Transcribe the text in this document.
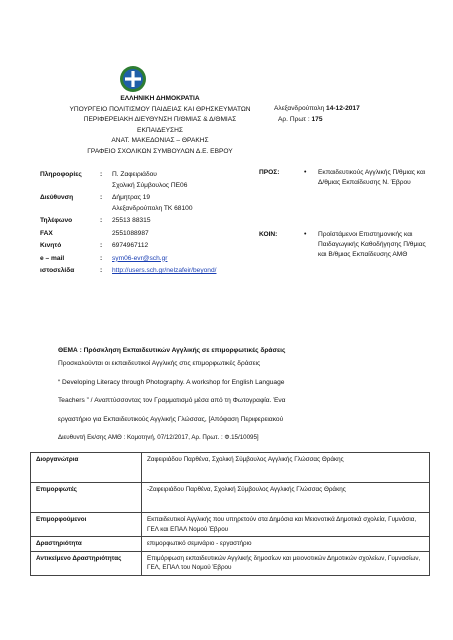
ΕΛΛΗΝΙΚΗ ΔΗΜΟΚΡΑΤΙΑ
ΥΠΟΥΡΓΕΙΟ ΠΟΛΙΤΙΣΜΟΥ ΠΑΙΔΕΙΑΣ ΚΑΙ ΘΡΗΣΚΕΥΜΑΤΩΝ
ΠΕΡΙΦΕΡΕΙΑΚΗ ΔΙΕΥΘΥΝΣΗ Π/ΘΜΙΑΣ & Δ/ΘΜΙΑΣ ΕΚΠΑΙΔΕΥΣΗΣ
ΑΝΑΤ. ΜΑΚΕΔΟΝΙΑΣ – ΘΡΑΚΗΣ
ΓΡΑΦΕΙΟ ΣΧΟΛΙΚΩΝ ΣΥΜΒΟΥΛΩΝ Δ.Ε. ΕΒΡΟΥ
Αλεξανδρούπολη 14-12-2017
Αρ. Πρωτ : 175
Πληροφορίες	:	Π. Ζαφειριάδου
Σχολική Σύμβουλος ΠΕ06

Διεύθυνση	:	Δήμητρας 19
Αλεξανδρούπολη ΤΚ 68100

Τηλέφωνο	:	25513 88315
FAX		2551088987
Κινητό	:	6974967112
e – mail	:	sym06-evr@sch.gr
ιστοσελίδα	:	http://users.sch.gr/nelzafeir/beyond/
ΠΡΟΣ:	• Εκπαιδευτικούς Αγγλικής Π/θμιας και Δ/θμιας Εκπαίδευσης Ν. Έβρου
ΚΟΙΝ:	• Προϊστάμενοι Επιστημονικής και Παιδαγωγικής Καθοδήγησης Π/θμιας και Β/θμιας Εκπαίδευσης ΑΜΘ
ΘΕΜΑ : Πρόσκληση Εκπαιδευτικών Αγγλικής σε επιμορφωτικές δράσεις
Προσκαλούνται οι εκπαιδευτικοί Αγγλικής στις επιμορφωτικές δράσεις
“ Developing Literacy through Photography. A workshop for English Language
Teachers ” / Αναπτύσσοντας τον Γραμματισμό μέσα από τη Φωτογραφία. Ένα
εργαστήριο για Εκπαιδευτικούς Αγγλικής Γλώσσας, [Απόφαση Περιφερειακού
Διευθυντή Εκ/σης ΑΜΘ : Κομοτηνή, 07/12/2017, Αρ. Πρωτ. : Φ.15/10095]
Διοργανώτρια	Ζαφειριάδου Παρθένα, Σχολική Σύμβουλος Αγγλικής Γλώσσας Θράκης
Επιμορφωτές	-Ζαφειριάδου Παρθένα, Σχολική Σύμβουλος Αγγλικής Γλώσσας Θράκης
Επιμορφούμενοι	Εκπαιδευτικοί Αγγλικής που υπηρετούν στα Δημόσια και Μειονοτικά Δημοτικά σχολεία, Γυμνάσια, ΓΕΛ και ΕΠΑΛ Νομού Έβρου
Δραστηριότητα	επιμορφωτικό σεμινάριο - εργαστήριο
Αντικείμενο Δραστηριότητας	Επιμόρφωση εκπαιδευτικών Αγγλικής δημοσίων και μειονοτικών Δημοτικών σχολείων, Γυμνασίων, ΓΕΛ, ΕΠΑΛ του Νομού Έβρου
